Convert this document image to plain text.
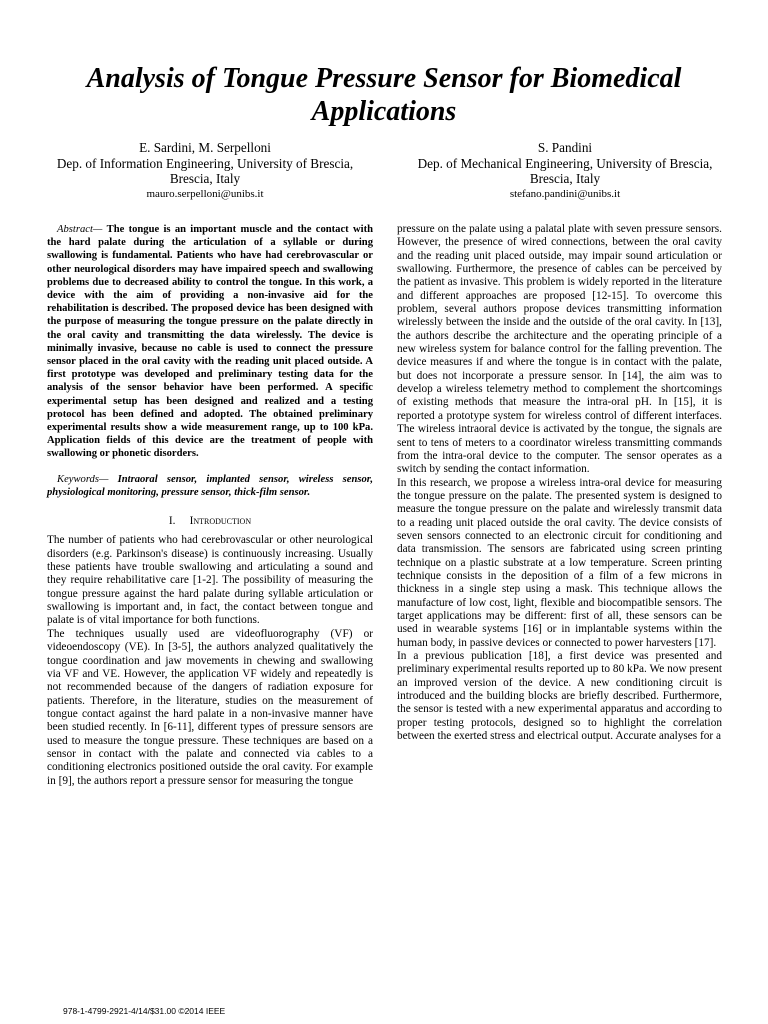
Analysis of Tongue Pressure Sensor for Biomedical Applications
E. Sardini, M. Serpelloni
Dep. of Information Engineering, University of Brescia, Brescia, Italy
mauro.serpelloni@unibs.it
S. Pandini
Dep. of Mechanical Engineering, University of Brescia, Brescia, Italy
stefano.pandini@unibs.it

Abstract— The tongue is an important muscle and the contact with the hard palate during the articulation of a syllable or during swallowing is fundamental. Patients who have had cerebrovascular or other neurological disorders may have impaired speech and swallowing problems due to decreased ability to control the tongue. In this work, a device with the aim of providing a non-invasive aid for the rehabilitation is described. The proposed device has been designed with the purpose of measuring the tongue pressure on the palate directly in the oral cavity and transmitting the data wirelessly. The device is minimally invasive, because no cable is used to connect the pressure sensor placed in the oral cavity with the reading unit placed outside. A first prototype was developed and preliminary testing data for the analysis of the sensor behavior have been performed. A specific experimental setup has been designed and realized and a testing protocol has been defined and adopted. The obtained preliminary experimental results show a wide measurement range, up to 100 kPa. Application fields of this device are the treatment of people with swallowing or phonetic disorders.

Keywords— Intraoral sensor, implanted sensor, wireless sensor, physiological monitoring, pressure sensor, thick-film sensor.

I. Introduction

The number of patients who had cerebrovascular or other neurological disorders (e.g. Parkinson's disease) is continuously increasing. Usually these patients have trouble swallowing and articulating a sound and they require rehabilitative care [1-2]. The possibility of measuring the tongue pressure against the hard palate during syllable articulation or swallowing is important and, in fact, the contact between tongue and palate is of vital importance for both functions.

The techniques usually used are videofluorography (VF) or videoendoscopy (VE). In [3-5], the authors analyzed qualitatively the tongue coordination and jaw movements in chewing and swallowing via VF and VE. However, the application VF widely and repeatedly is not recommended because of the dangers of radiation exposure for patients. Therefore, in the literature, studies on the measurement of tongue contact against the hard palate in a non-invasive manner have been studied recently. In [6-11], different types of pressure sensors are used to measure the tongue pressure. These techniques are based on a sensor in contact with the palate and connected via cables to a conditioning electronics positioned outside the oral cavity. For example in [9], the authors report a pressure sensor for measuring the tongue

pressure on the palate using a palatal plate with seven pressure sensors. However, the presence of wired connections, between the oral cavity and the reading unit placed outside, may impair sound articulation or swallowing. Furthermore, the presence of cables can be perceived by the patient as invasive. This problem is widely reported in the literature and different approaches are proposed [12-15]. To overcome this problem, several authors propose devices transmitting information wirelessly between the inside and the outside of the oral cavity. In [13], the authors describe the architecture and the operating principle of a new wireless system for balance control for the falling prevention. The device measures if and where the tongue is in contact with the palate, but does not incorporate a pressure sensor. In [14], the aim was to develop a wireless telemetry method to complement the shortcomings of existing methods that measure the intra-oral pH. In [15], it is reported a prototype system for wireless control of different interfaces. The wireless intraoral device is activated by the tongue, the signals are sent to tens of meters to a coordinator wireless transmitting commands from the intra-oral device to the computer. The sensor operates as a switch by sending the contact information.

In this research, we propose a wireless intra-oral device for measuring the tongue pressure on the palate. The presented system is designed to measure the tongue pressure on the palate and wirelessly transmit data to a reading unit placed outside the oral cavity. The device consists of seven sensors connected to an electronic circuit for conditioning and data transmission. The sensors are fabricated using screen printing technique on a plastic substrate at a low temperature. Screen printing technique consists in the deposition of a film of a few microns in thickness in a single step using a mask. This technique allows the manufacture of low cost, light, flexible and biocompatible sensors. The target applications may be different: first of all, these sensors can be used in wearable systems [16] or in implantable systems within the human body, in passive devices or connected to power harvesters [17].

In a previous publication [18], a first device was presented and preliminary experimental results reported up to 80 kPa. We now present an improved version of the device. A new conditioning circuit is introduced and the building blocks are briefly described. Furthermore, the sensor is tested with a new experimental apparatus and according to proper testing protocols, designed so to highlight the correlation between the exerted stress and electrical output. Accurate analyses for a

978-1-4799-2921-4/14/$31.00 ©2014 IEEE
